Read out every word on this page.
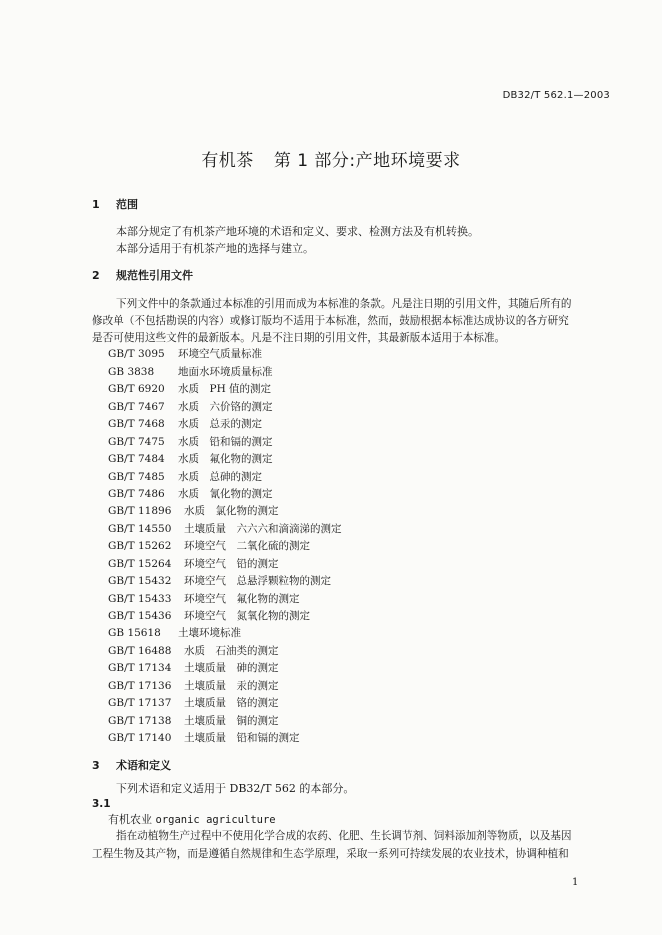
DB32/T 562.1—2003
有机茶 第 1 部分:产地环境要求
1 范围
本部分规定了有机茶产地环境的术语和定义、要求、检测方法及有机转换。
本部分适用于有机茶产地的选择与建立。
2 规范性引用文件
下列文件中的条款通过本标准的引用而成为本标准的条款。凡是注日期的引用文件，其随后所有的
修改单（不包括勘误的内容）或修订版均不适用于本标准，然而，鼓励根据本标准达成协议的各方研究
是否可使用这些文件的最新版本。凡是不注日期的引用文件，其最新版本适用于本标准。
GB/T 3095 环境空气质量标准
GB 3838 地面水环境质量标准
GB/T 6920 水质　PH 值的测定
GB/T 7467 水质　六价铬的测定
GB/T 7468 水质　总汞的测定
GB/T 7475 水质　铅和镉的测定
GB/T 7484 水质　氟化物的测定
GB/T 7485 水质　总砷的测定
GB/T 7486 水质　氰化物的测定
GB/T 11896 水质　氯化物的测定
GB/T 14550 土壤质量　六六六和滴滴涕的测定
GB/T 15262 环境空气　二氧化硫的测定
GB/T 15264 环境空气　铅的测定
GB/T 15432 环境空气　总悬浮颗粒物的测定
GB/T 15433 环境空气　氟化物的测定
GB/T 15436 环境空气　氮氧化物的测定
GB 15618 土壤环境标准
GB/T 16488 水质　石油类的测定
GB/T 17134 土壤质量　砷的测定
GB/T 17136 土壤质量　汞的测定
GB/T 17137 土壤质量　铬的测定
GB/T 17138 土壤质量　铜的测定
GB/T 17140 土壤质量　铅和镉的测定
3 术语和定义
下列术语和定义适用于 DB32/T 562 的本部分。
3.1
有机农业 organic agriculture
指在动植物生产过程中不使用化学合成的农药、化肥、生长调节剂、饲料添加剂等物质，以及基因
工程生物及其产物，而是遵循自然规律和生态学原理，采取一系列可持续发展的农业技术，协调种植和
1
